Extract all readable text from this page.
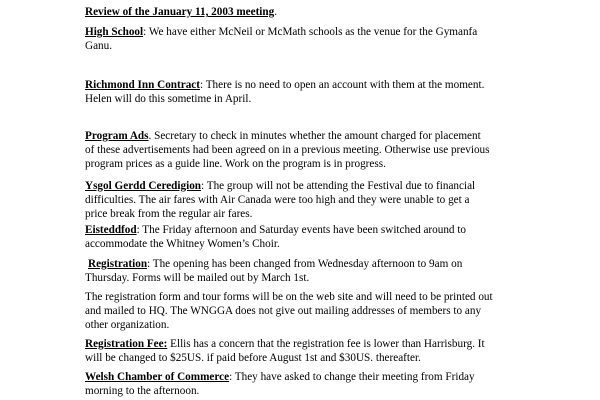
Review of the January 11, 2003 meeting.
High School: We have either McNeil or McMath schools as the venue for the Gymanfa
Ganu.
Richmond Inn Contract: There is no need to open an account with them at the moment.
Helen will do this sometime in April.
Program Ads. Secretary to check in minutes whether the amount charged for placement
of these advertisements had been agreed on in a previous meeting. Otherwise use previous
program prices as a guide line. Work on the program is in progress.
Ysgol Gerdd Ceredigion: The group will not be attending the Festival due to financial
difficulties. The air fares with Air Canada were too high and they were unable to get a
price break from the regular air fares.
Eisteddfod: The Friday afternoon and Saturday events have been switched around to
accommodate the Whitney Women’s Choir.
Registration: The opening has been changed from Wednesday afternoon to 9am on
Thursday. Forms will be mailed out by March 1st.
The registration form and tour forms will be on the web site and will need to be printed out
and mailed to HQ. The WNGGA does not give out mailing addresses of members to any
other organization.
Registration Fee: Ellis has a concern that the registration fee is lower than Harrisburg. It
will be changed to $25US. if paid before August 1st and $30US. thereafter.
Welsh Chamber of Commerce: They have asked to change their meeting from Friday
morning to the afternoon.
